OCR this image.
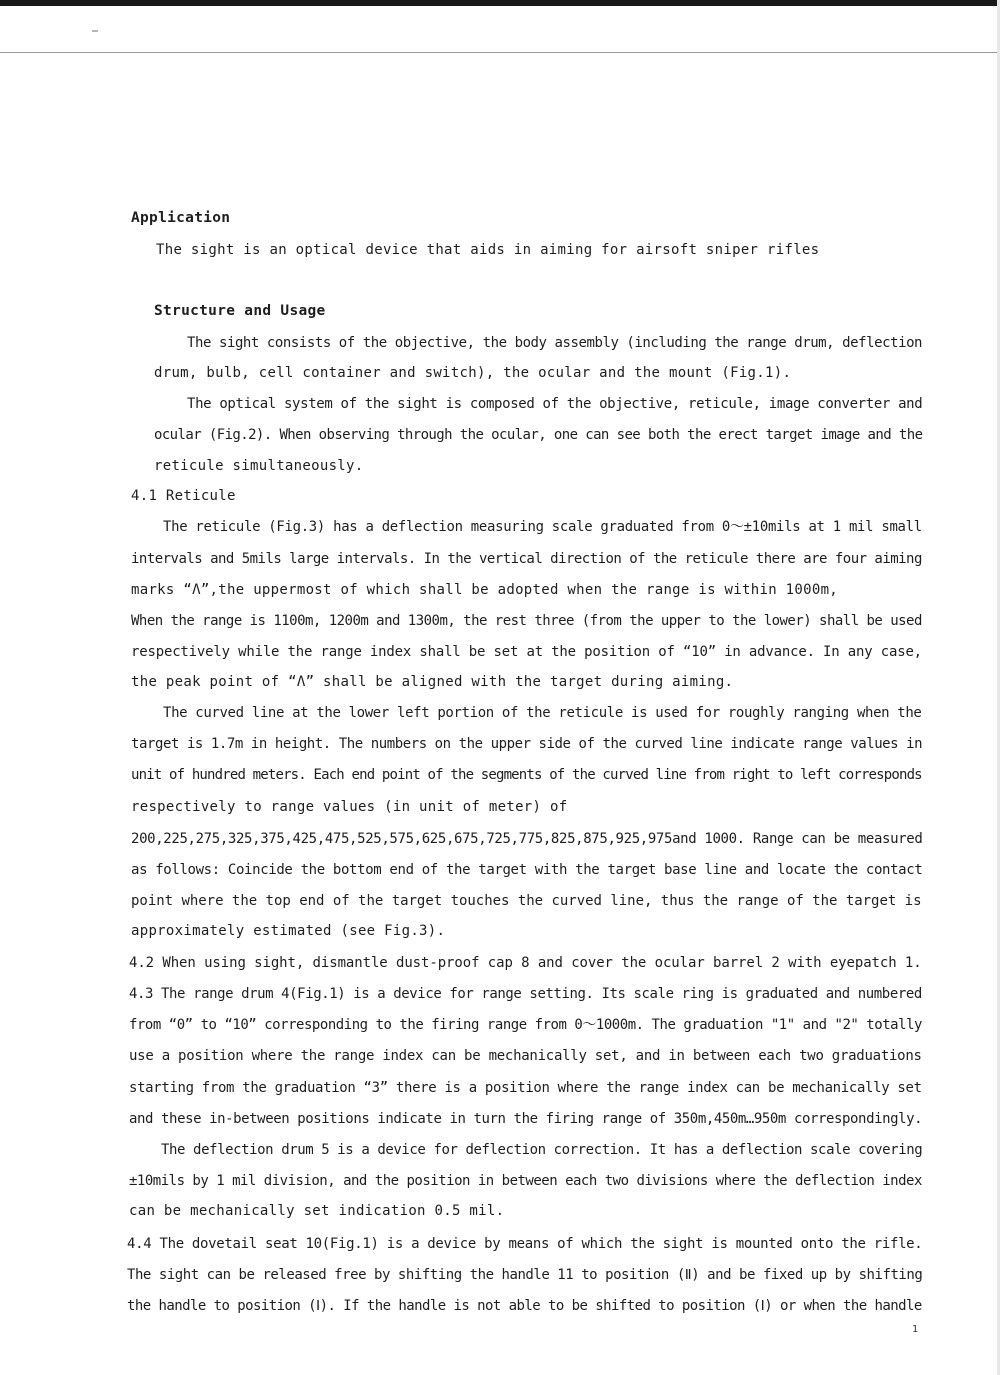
Application
The sight is an optical device that aids in aiming for airsoft sniper rifles
Structure and Usage
The sight consists of the objective, the body assembly (including the range drum, deflection
drum, bulb, cell container and switch), the ocular and the mount (Fig.1).
The optical system of the sight is composed of the objective, reticule, image converter and
ocular (Fig.2). When observing through the ocular, one can see both the erect target image and the
reticule simultaneously.
4.1 Reticule
The reticule (Fig.3) has a deflection measuring scale graduated from 0～±10mils at 1 mil small
intervals and 5mils large intervals. In the vertical direction of the reticule there are four aiming
marks “Λ”,the uppermost of which shall be adopted when the range is within 1000m,
When the range is 1100m, 1200m and 1300m, the rest three (from the upper to the lower) shall be used
respectively while the range index shall be set at the position of “10” in advance. In any case,
the peak point of “Λ” shall be aligned with the target during aiming.
The curved line at the lower left portion of the reticule is used for roughly ranging when the
target is 1.7m in height. The numbers on the upper side of the curved line indicate range values in
unit of hundred meters. Each end point of the segments of the curved line from right to left corresponds
respectively to range values (in unit of meter) of
200,225,275,325,375,425,475,525,575,625,675,725,775,825,875,925,975and 1000. Range can be measured
as follows: Coincide the bottom end of the target with the target base line and locate the contact
point where the top end of the target touches the curved line, thus the range of the target is
approximately estimated (see Fig.3).
4.2 When using sight, dismantle dust-proof cap 8 and cover the ocular barrel 2 with eyepatch 1.
4.3 The range drum 4(Fig.1) is a device for range setting. Its scale ring is graduated and numbered
from “0” to “10” corresponding to the firing range from 0～1000m. The graduation "1" and "2" totally
use a position where the range index can be mechanically set, and in between each two graduations
starting from the graduation “3” there is a position where the range index can be mechanically set
and these in-between positions indicate in turn the firing range of 350m,450m…950m correspondingly.
The deflection drum 5 is a device for deflection correction. It has a deflection scale covering
±10mils by 1 mil division, and the position in between each two divisions where the deflection index
can be mechanically set indication 0.5 mil.
4.4 The dovetail seat 10(Fig.1) is a device by means of which the sight is mounted onto the rifle.
The sight can be released free by shifting the handle 11 to position (Ⅱ) and be fixed up by shifting
the handle to position (Ⅰ). If the handle is not able to be shifted to position (Ⅰ) or when the handle
1
